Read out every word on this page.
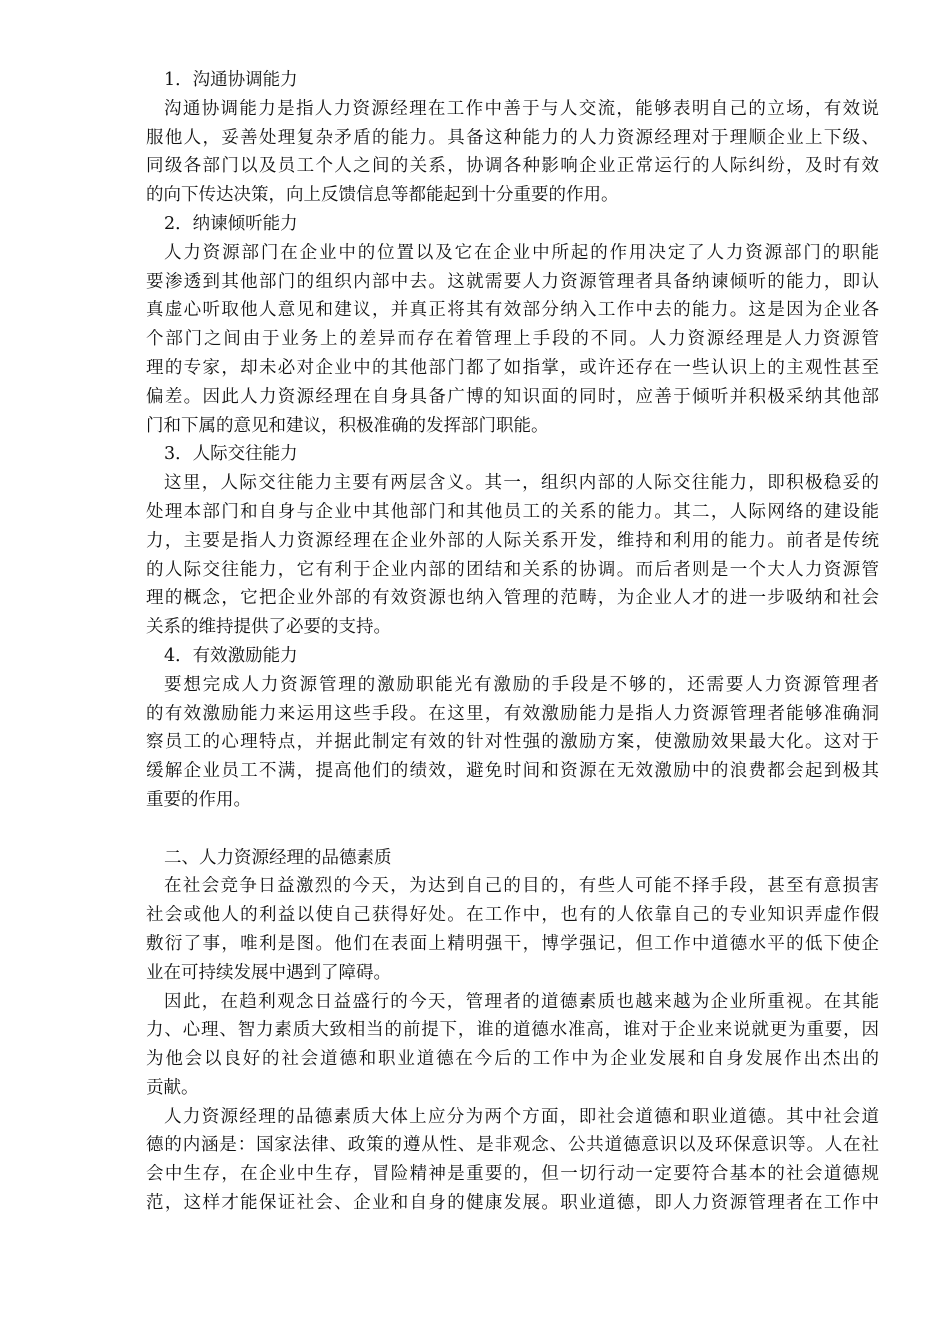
1．沟通协调能力
沟通协调能力是指人力资源经理在工作中善于与人交流，能够表明自己的立场，有效说
服他人，妥善处理复杂矛盾的能力。具备这种能力的人力资源经理对于理顺企业上下级、
同级各部门以及员工个人之间的关系，协调各种影响企业正常运行的人际纠纷，及时有效
的向下传达决策，向上反馈信息等都能起到十分重要的作用。
2．纳谏倾听能力
人力资源部门在企业中的位置以及它在企业中所起的作用决定了人力资源部门的职能
要渗透到其他部门的组织内部中去。这就需要人力资源管理者具备纳谏倾听的能力，即认
真虚心听取他人意见和建议，并真正将其有效部分纳入工作中去的能力。这是因为企业各
个部门之间由于业务上的差异而存在着管理上手段的不同。人力资源经理是人力资源管
理的专家，却未必对企业中的其他部门都了如指掌，或许还存在一些认识上的主观性甚至
偏差。因此人力资源经理在自身具备广博的知识面的同时，应善于倾听并积极采纳其他部
门和下属的意见和建议，积极准确的发挥部门职能。
3．人际交往能力
这里，人际交往能力主要有两层含义。其一，组织内部的人际交往能力，即积极稳妥的
处理本部门和自身与企业中其他部门和其他员工的关系的能力。其二，人际网络的建设能
力，主要是指人力资源经理在企业外部的人际关系开发，维持和利用的能力。前者是传统
的人际交往能力，它有利于企业内部的团结和关系的协调。而后者则是一个大人力资源管
理的概念，它把企业外部的有效资源也纳入管理的范畴，为企业人才的进一步吸纳和社会
关系的维持提供了必要的支持。
4．有效激励能力
要想完成人力资源管理的激励职能光有激励的手段是不够的，还需要人力资源管理者
的有效激励能力来运用这些手段。在这里，有效激励能力是指人力资源管理者能够准确洞
察员工的心理特点，并据此制定有效的针对性强的激励方案，使激励效果最大化。这对于
缓解企业员工不满，提高他们的绩效，避免时间和资源在无效激励中的浪费都会起到极其
重要的作用。
二、人力资源经理的品德素质
在社会竞争日益激烈的今天，为达到自己的目的，有些人可能不择手段，甚至有意损害
社会或他人的利益以使自己获得好处。在工作中，也有的人依靠自己的专业知识弄虚作假
敷衍了事，唯利是图。他们在表面上精明强干，博学强记，但工作中道德水平的低下使企
业在可持续发展中遇到了障碍。
因此，在趋利观念日益盛行的今天，管理者的道德素质也越来越为企业所重视。在其能
力、心理、智力素质大致相当的前提下，谁的道德水准高，谁对于企业来说就更为重要，因
为他会以良好的社会道德和职业道德在今后的工作中为企业发展和自身发展作出杰出的
贡献。
人力资源经理的品德素质大体上应分为两个方面，即社会道德和职业道德。其中社会道
德的内涵是：国家法律、政策的遵从性、是非观念、公共道德意识以及环保意识等。人在社
会中生存，在企业中生存，冒险精神是重要的，但一切行动一定要符合基本的社会道德规
范，这样才能保证社会、企业和自身的健康发展。职业道德，即人力资源管理者在工作中
